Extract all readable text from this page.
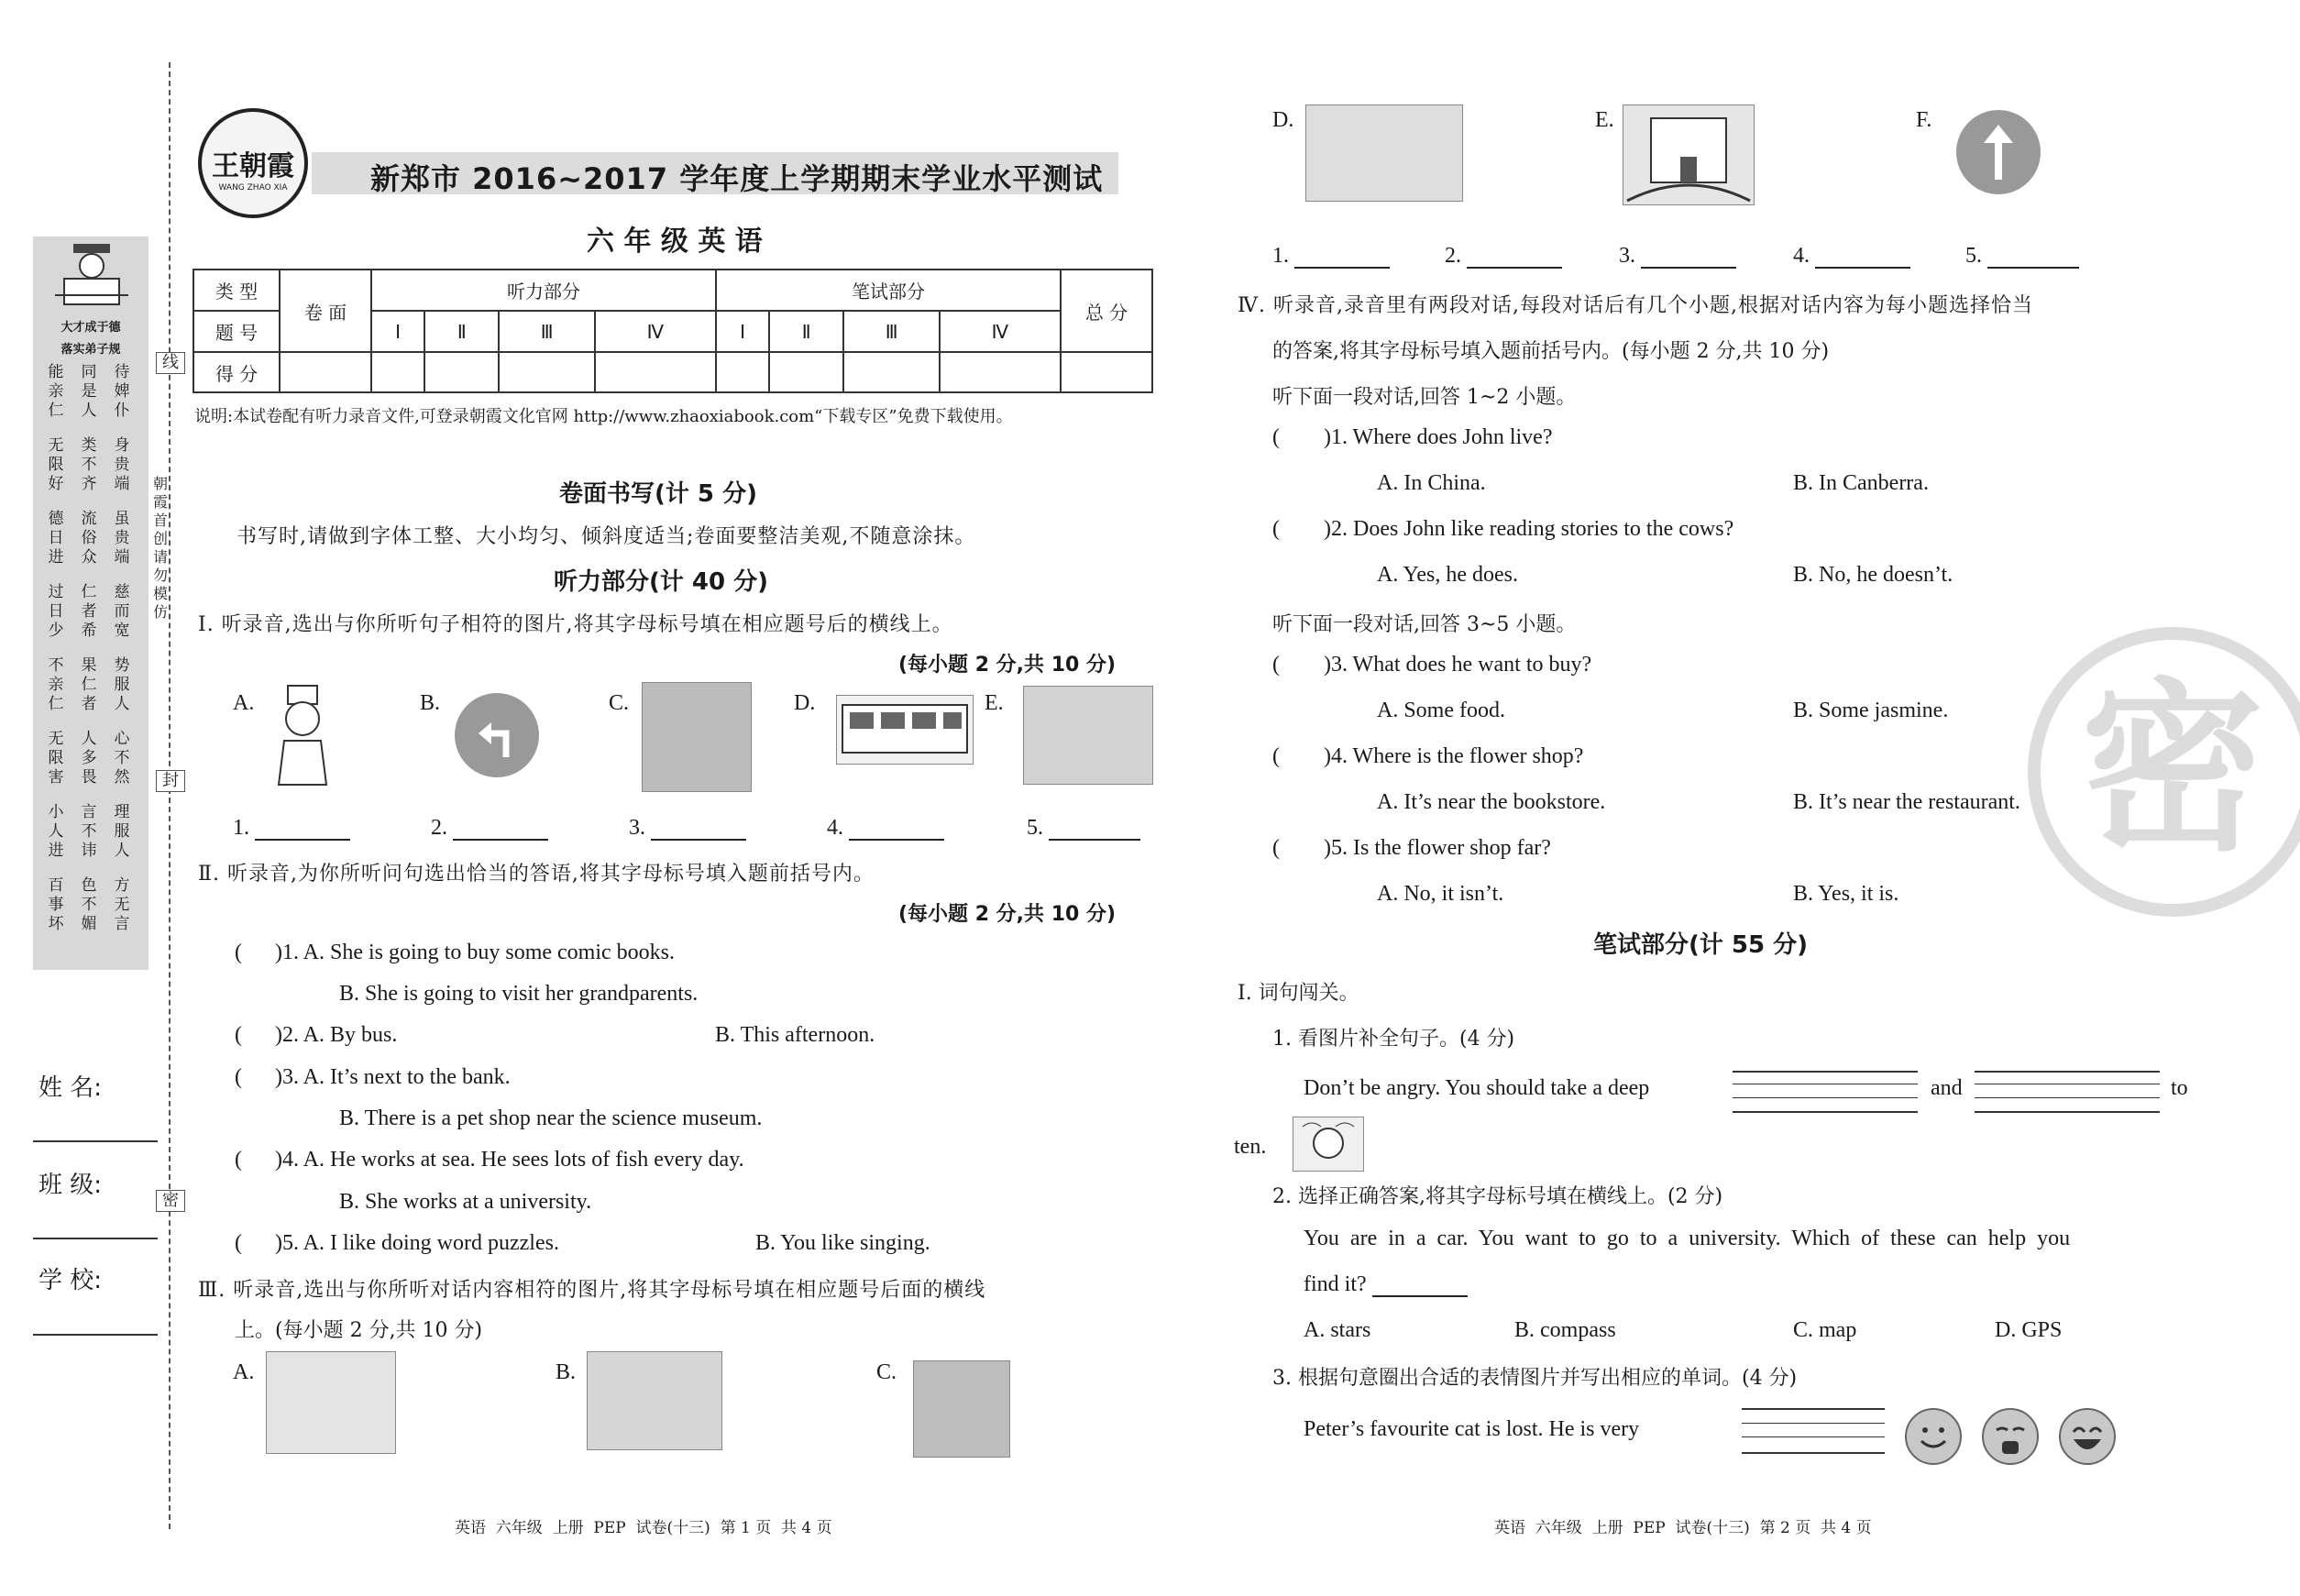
大才成于德
落实弟子规
能亲仁
同是人
待婢仆
无限好
类不齐
身贵端
德日进
流俗众
虽贵端
过日少
仁者希
慈而宽
不亲仁
果仁者
势服人
无限害
人多畏
心不然
小人进
言不讳
理服人
百事坏
色不媚
方无言
姓 名:
班 级:
学 校:
线
封
密
朝霞首创 请勿模仿
王朝霞
WANG ZHAO XIA	新郑市 2016~2017 学年度上学期期末学业水平测试
六 年 级 英 语
类 型	卷 面	听力部分				笔试部分				总 分
题 号		Ⅰ	Ⅱ	Ⅲ	Ⅳ	Ⅰ	Ⅱ	Ⅲ	Ⅳ	
得 分										
说明:本试卷配有听力录音文件,可登录朝霞文化官网 http://www.zhaoxiabook.com“下载专区”免费下载使用。
卷面书写(计 5 分)
书写时,请做到字体工整、大小均匀、倾斜度适当;卷面要整洁美观,不随意涂抹。
听力部分(计 40 分)
Ⅰ. 听录音,选出与你所听句子相符的图片,将其字母标号填在相应题号后的横线上。
(每小题 2 分,共 10 分)
A.	B.	C.	D.	E.
1.	2.	3.	4.	5.
Ⅱ. 听录音,为你所听问句选出恰当的答语,将其字母标号填入题前括号内。
(每小题 2 分,共 10 分)
(      )1. A. She is going to buy some comic books.
B. She is going to visit her grandparents.
(      )2. A. By bus.	B. This afternoon.
(      )3. A. It’s next to the bank.
B. There is a pet shop near the science museum.
(      )4. A. He works at sea. He sees lots of fish every day.
B. She works at a university.
(      )5. A. I like doing word puzzles.	B. You like singing.
Ⅲ. 听录音,选出与你所听对话内容相符的图片,将其字母标号填在相应题号后面的横线
上。(每小题 2 分,共 10 分)
A.	B.	C.
英语  六年级  上册  PEP  试卷(十三)  第 1 页  共 4 页
D.	E.	F.
1.	2.	3.	4.	5.
Ⅳ. 听录音,录音里有两段对话,每段对话后有几个小题,根据对话内容为每小题选择恰当
的答案,将其字母标号填入题前括号内。(每小题 2 分,共 10 分)
听下面一段对话,回答 1~2 小题。
(        )1. Where does John live?
A. In China.	B. In Canberra.
(        )2. Does John like reading stories to the cows?
A. Yes, he does.	B. No, he doesn’t.
听下面一段对话,回答 3~5 小题。
(        )3. What does he want to buy?
A. Some food.	B. Some jasmine.
(        )4. Where is the flower shop?
A. It’s near the bookstore.	B. It’s near the restaurant.
(        )5. Is the flower shop far?
A. No, it isn’t.	B. Yes, it is.
密
笔试部分(计 55 分)
Ⅰ. 词句闯关。
1. 看图片补全句子。(4 分)
Don’t be angry. You should take a deep	and	to
ten.
2. 选择正确答案,将其字母标号填在横线上。(2 分)
You are in a car. You want to go to a university. Which of these can help you
find it?
A. stars	B. compass	C. map	D. GPS
3. 根据句意圈出合适的表情图片并写出相应的单词。(4 分)
Peter’s favourite cat is lost. He is very
英语  六年级  上册  PEP  试卷(十三)  第 2 页  共 4 页
